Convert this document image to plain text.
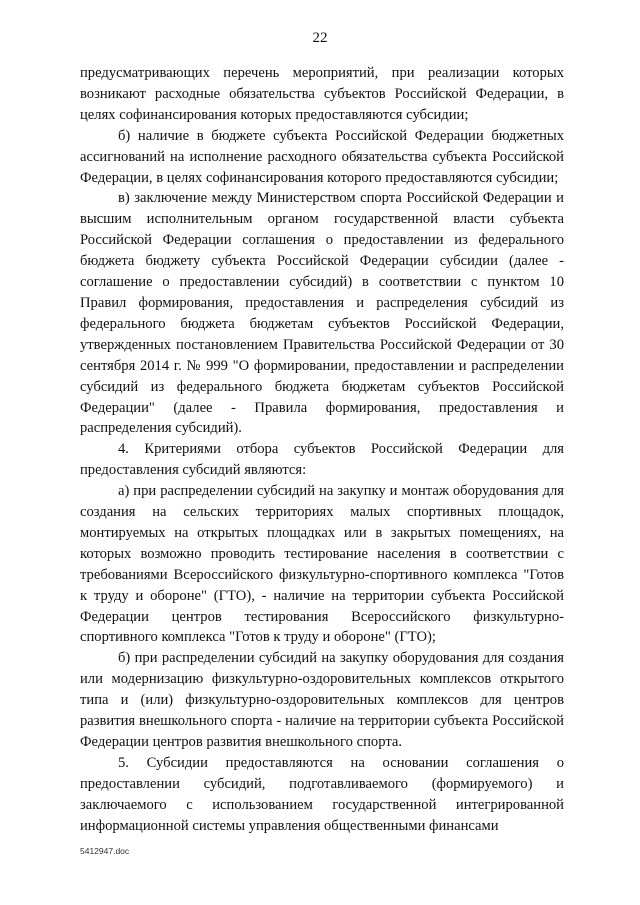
22

предусматривающих перечень мероприятий, при реализации которых возникают расходные обязательства субъектов Российской Федерации, в целях софинансирования которых предоставляются субсидии;

б) наличие в бюджете субъекта Российской Федерации бюджетных ассигнований на исполнение расходного обязательства субъекта Российской Федерации, в целях софинансирования которого предоставляются субсидии;

в) заключение между Министерством спорта Российской Федерации и высшим исполнительным органом государственной власти субъекта Российской Федерации соглашения о предоставлении из федерального бюджета бюджету субъекта Российской Федерации субсидии (далее - соглашение о предоставлении субсидий) в соответствии с пунктом 10 Правил формирования, предоставления и распределения субсидий из федерального бюджета бюджетам субъектов Российской Федерации, утвержденных постановлением Правительства Российской Федерации от 30 сентября 2014 г. № 999 "О формировании, предоставлении и распределении субсидий из федерального бюджета бюджетам субъектов Российской Федерации" (далее - Правила формирования, предоставления и распределения субсидий).

4. Критериями отбора субъектов Российской Федерации для предоставления субсидий являются:

а) при распределении субсидий на закупку и монтаж оборудования для создания на сельских территориях малых спортивных площадок, монтируемых на открытых площадках или в закрытых помещениях, на которых возможно проводить тестирование населения в соответствии с требованиями Всероссийского физкультурно-спортивного комплекса "Готов к труду и обороне" (ГТО), - наличие на территории субъекта Российской Федерации центров тестирования Всероссийского физкультурно-спортивного комплекса "Готов к труду и обороне" (ГТО);

б) при распределении субсидий на закупку оборудования для создания или модернизацию физкультурно-оздоровительных комплексов открытого типа и (или) физкультурно-оздоровительных комплексов для центров развития внешкольного спорта - наличие на территории субъекта Российской Федерации центров развития внешкольного спорта.

5. Субсидии предоставляются на основании соглашения о предоставлении субсидий, подготавливаемого (формируемого) и заключаемого с использованием государственной интегрированной информационной системы управления общественными финансами

5412947.doc
